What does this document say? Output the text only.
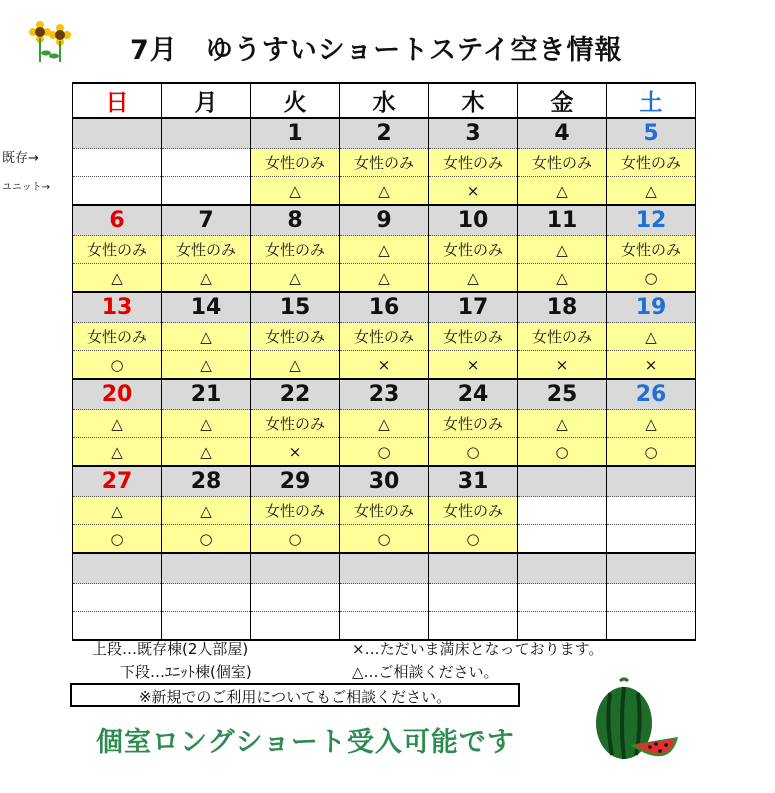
7月　ゆうすいショートステイ空き情報
既存→
ユニット→
日	月	火	水	木	金	土
		1	2	3	4	5
		女性のみ	女性のみ	女性のみ	女性のみ	女性のみ
		△	△	×	△	△
6	7	8	9	10	11	12
女性のみ	女性のみ	女性のみ	△	女性のみ	△	女性のみ
△	△	△	△	△	△	○
13	14	15	16	17	18	19
女性のみ	△	女性のみ	女性のみ	女性のみ	女性のみ	△
○	△	△	×	×	×	×
20	21	22	23	24	25	26
△	△	女性のみ	△	女性のみ	△	△
△	△	×	○	○	○	○
27	28	29	30	31		
△	△	女性のみ	女性のみ	女性のみ		
○	○	○	○	○		

上段…既存棟(2人部屋)
下段…ﾕﾆｯﾄ棟(個室)
×…ただいま満床となっております。
△…ご相談ください。
※新規でのご利用についてもご相談ください。
個室ロングショート受入可能です
